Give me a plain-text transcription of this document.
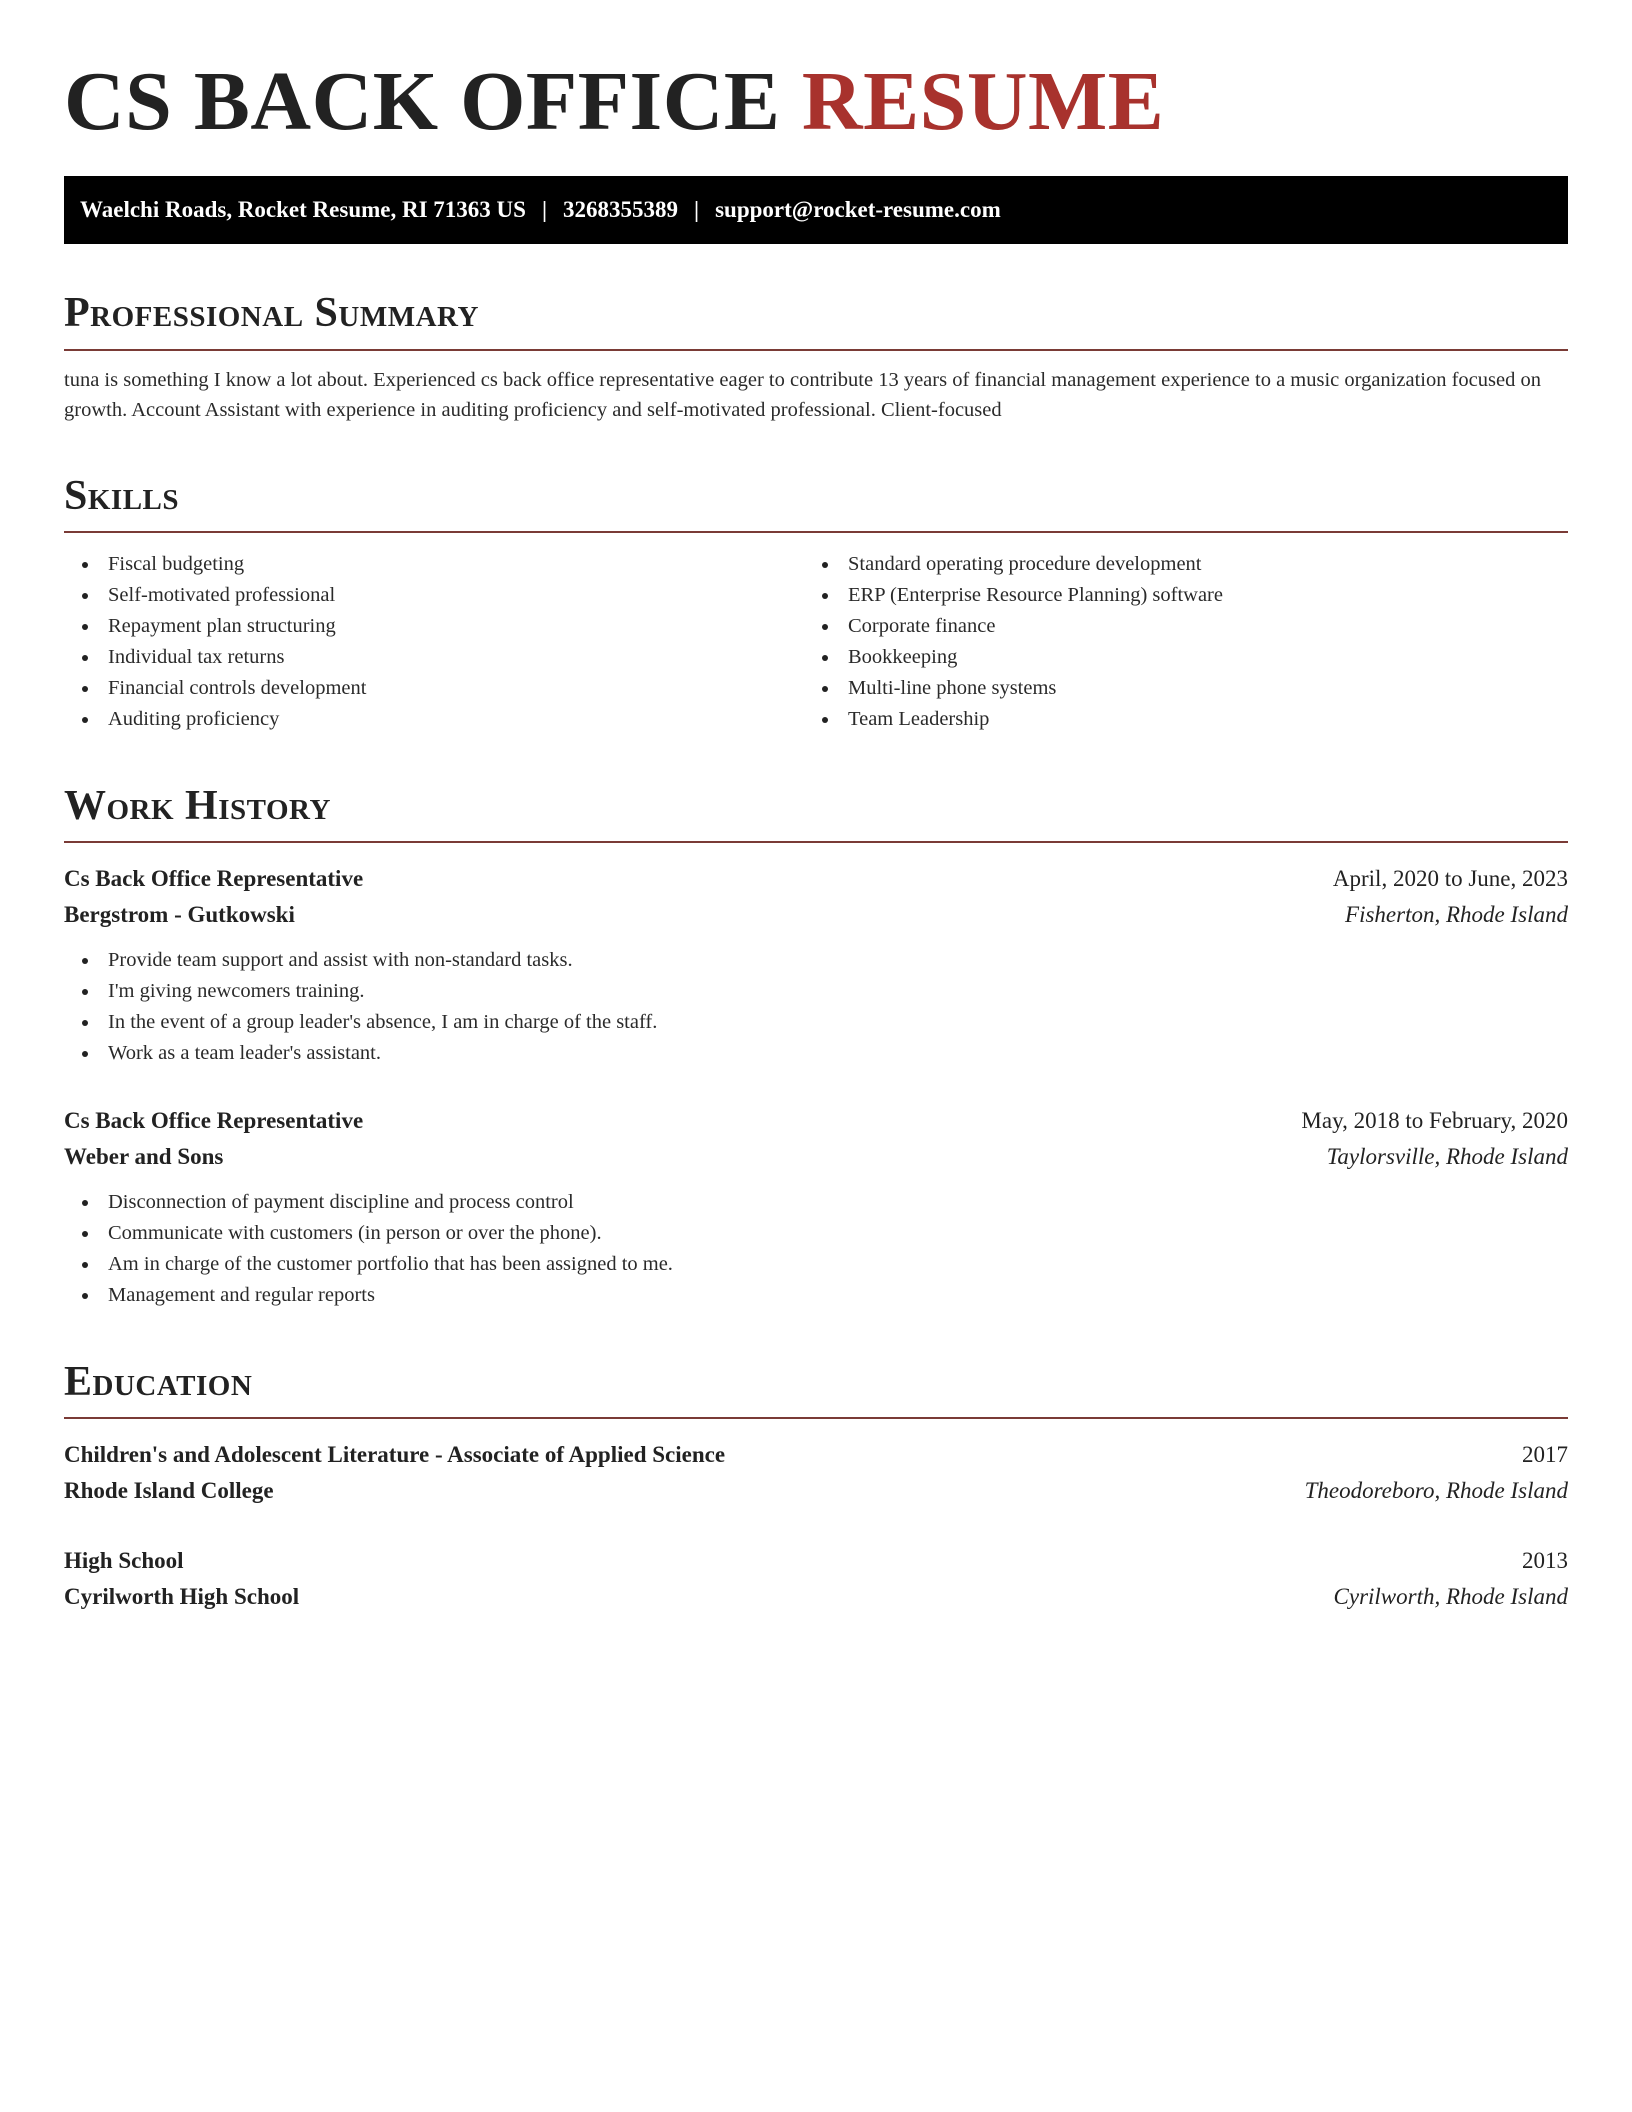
CS BACK OFFICE RESUME
Waelchi Roads, Rocket Resume, RI 71363 US | 3268355389 | support@rocket-resume.com
Professional Summary

tuna is something I know a lot about. Experienced cs back office representative eager to contribute 13 years of financial management experience to a music organization focused on growth. Account Assistant with experience in auditing proficiency and self-motivated professional. Client-focused

Skills
Fiscal budgeting
Self-motivated professional
Repayment plan structuring
Individual tax returns
Financial controls development
Auditing proficiency
Standard operating procedure development
ERP (Enterprise Resource Planning) software
Corporate finance
Bookkeeping
Multi-line phone systems
Team Leadership
Work History
Cs Back Office Representative	April, 2020 to June, 2023
Bergstrom - Gutkowski	Fisherton, Rhode Island
Provide team support and assist with non-standard tasks.
I'm giving newcomers training.
In the event of a group leader's absence, I am in charge of the staff.
Work as a team leader's assistant.
Cs Back Office Representative	May, 2018 to February, 2020
Weber and Sons	Taylorsville, Rhode Island
Disconnection of payment discipline and process control
Communicate with customers (in person or over the phone).
Am in charge of the customer portfolio that has been assigned to me.
Management and regular reports
Education
Children's and Adolescent Literature - Associate of Applied Science	2017
Rhode Island College	Theodoreboro, Rhode Island
High School	2013
Cyrilworth High School	Cyrilworth, Rhode Island
